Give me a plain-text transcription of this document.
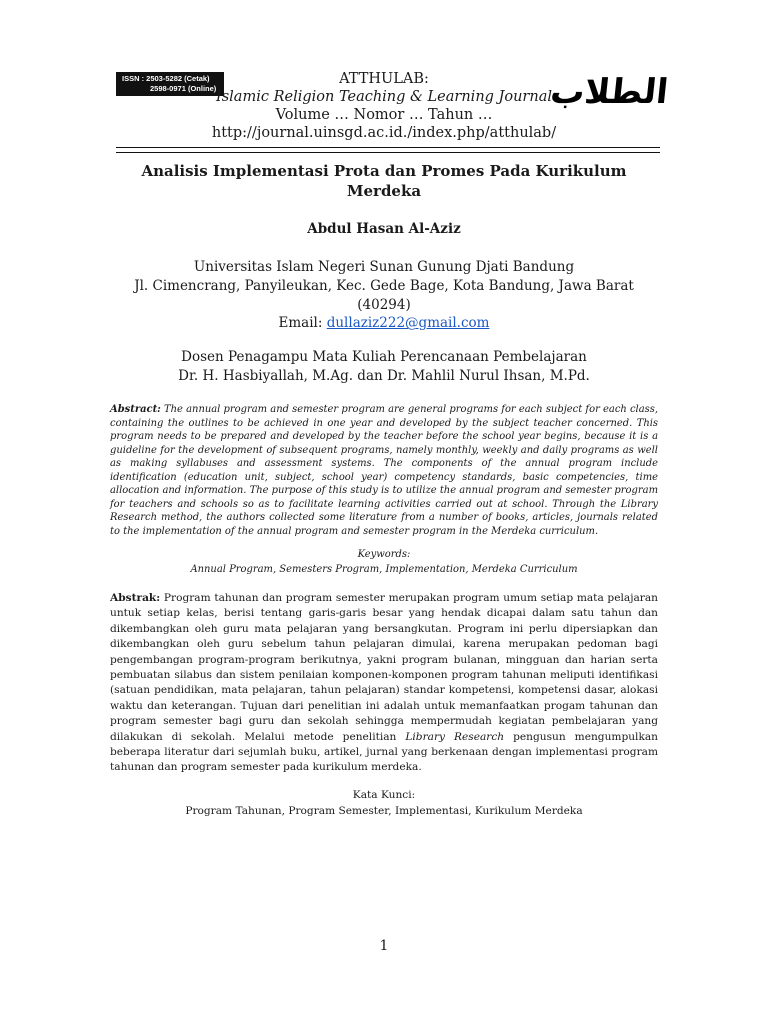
ISSN : 2503-5282 (Cetak)
2598-0971 (Online)	الطلاب
ATTHULAB:
Islamic Religion Teaching & Learning Journal
Volume … Nomor … Tahun …
http://journal.uinsgd.ac.id./index.php/atthulab/
Analisis Implementasi Prota dan Promes Pada Kurikulum Merdeka
Abdul Hasan Al-Aziz
Universitas Islam Negeri Sunan Gunung Djati Bandung
Jl. Cimencrang, Panyileukan, Kec. Gede Bage, Kota Bandung, Jawa Barat
(40294)
Email: dullaziz222@gmail.com
Dosen Penagampu Mata Kuliah Perencanaan Pembelajaran
Dr. H. Hasbiyallah, M.Ag. dan Dr. Mahlil Nurul Ihsan, M.Pd.
Abstract: The annual program and semester program are general programs for each subject for each class, containing the outlines to be achieved in one year and developed by the subject teacher concerned. This program needs to be prepared and developed by the teacher before the school year begins, because it is a guideline for the development of subsequent programs, namely monthly, weekly and daily programs as well as making syllabuses and assessment systems. The components of the annual program include identification (education unit, subject, school year) competency standards, basic competencies, time allocation and information. The purpose of this study is to utilize the annual program and semester program for teachers and schools so as to facilitate learning activities carried out at school. Through the Library Research method, the authors collected some literature from a number of books, articles, journals related to the implementation of the annual program and semester program in the Merdeka curriculum.
Keywords:
Annual Program, Semesters Program, Implementation, Merdeka Curriculum
Abstrak: Program tahunan dan program semester merupakan program umum setiap mata pelajaran untuk setiap kelas, berisi tentang garis-garis besar yang hendak dicapai dalam satu tahun dan dikembangkan oleh guru mata pelajaran yang bersangkutan. Program ini perlu dipersiapkan dan dikembangkan oleh guru sebelum tahun pelajaran dimulai, karena merupakan pedoman bagi pengembangan program-program berikutnya, yakni program bulanan, mingguan dan harian serta pembuatan silabus dan sistem penilaian komponen-komponen program tahunan meliputi identifikasi (satuan pendidikan, mata pelajaran, tahun pelajaran) standar kompetensi, kompetensi dasar, alokasi waktu dan keterangan. Tujuan dari penelitian ini adalah untuk memanfaatkan progam tahunan dan program semester bagi guru dan sekolah sehingga mempermudah kegiatan pembelajaran yang dilakukan di sekolah. Melalui metode penelitian Library Research pengusun mengumpulkan beberapa literatur dari sejumlah buku, artikel, jurnal yang berkenaan dengan implementasi program tahunan dan program semester pada kurikulum merdeka.
Kata Kunci:
Program Tahunan, Program Semester, Implementasi, Kurikulum Merdeka
1
